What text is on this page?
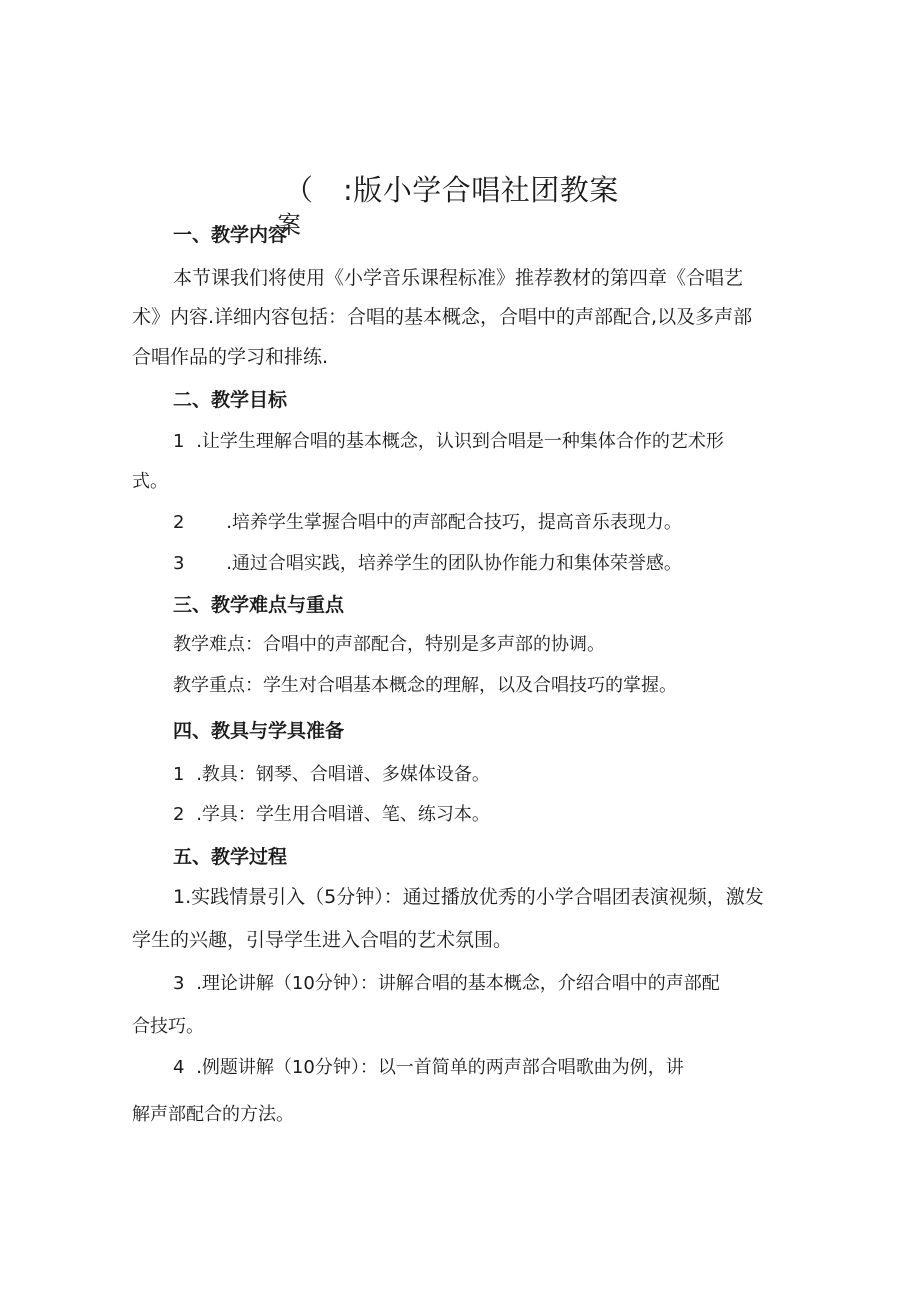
（　:版小学合唱社团教案
案
一、教学内容
本节课我们将使用《小学音乐课程标准》推荐教材的第四章《合唱艺
术》内容.详细内容包括：合唱的基本概念，合唱中的声部配合,以及多声部
合唱作品的学习和排练.
二、教学目标
1 .让学生理解合唱的基本概念，认识到合唱是一种集体合作的艺术形
式。
2 .培养学生掌握合唱中的声部配合技巧，提高音乐表现力。
3 .通过合唱实践，培养学生的团队协作能力和集体荣誉感。
三、教学难点与重点
教学难点：合唱中的声部配合，特别是多声部的协调。
教学重点：学生对合唱基本概念的理解，以及合唱技巧的掌握。
四、教具与学具准备
1 .教具：钢琴、合唱谱、多媒体设备。
2 .学具：学生用合唱谱、笔、练习本。
五、教学过程
1.实践情景引入（5分钟）：通过播放优秀的小学合唱团表演视频，激发
学生的兴趣，引导学生进入合唱的艺术氛围。
3 .理论讲解（10分钟）：讲解合唱的基本概念，介绍合唱中的声部配
合技巧。
4 .例题讲解（10分钟）：以一首简单的两声部合唱歌曲为例，讲
解声部配合的方法。
